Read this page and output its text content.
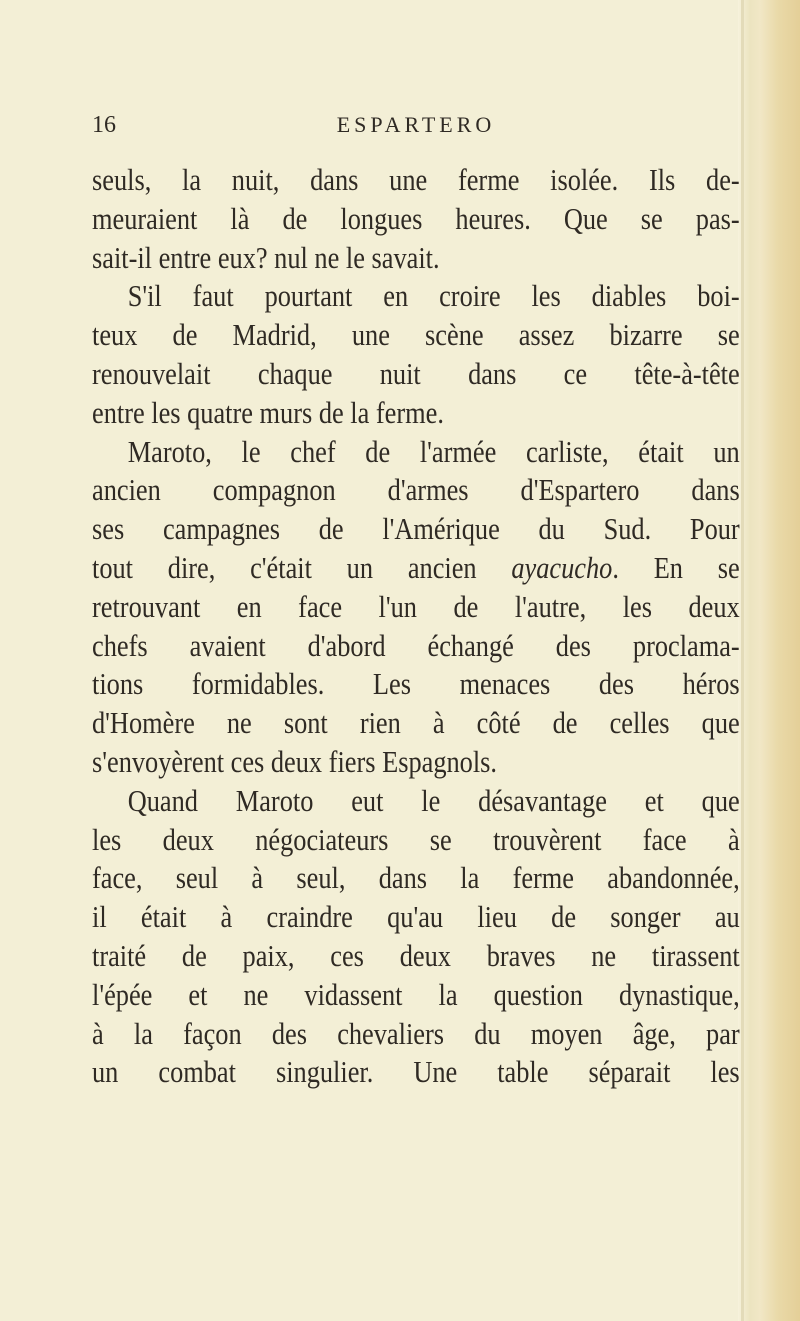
16	ESPARTERO
seuls, la nuit, dans une ferme isolée. Ils de-
meuraient là de longues heures. Que se pas-
sait-il entre eux? nul ne le savait.
S'il faut pourtant en croire les diables boi-
teux de Madrid, une scène assez bizarre se
renouvelait chaque nuit dans ce tête-à-tête
entre les quatre murs de la ferme.
Maroto, le chef de l'armée carliste, était un
ancien compagnon d'armes d'Espartero dans
ses campagnes de l'Amérique du Sud. Pour
tout dire, c'était un ancien ayacucho. En se
retrouvant en face l'un de l'autre, les deux
chefs avaient d'abord échangé des proclama-
tions formidables. Les menaces des héros
d'Homère ne sont rien à côté de celles que
s'envoyèrent ces deux fiers Espagnols.
Quand Maroto eut le désavantage et que
les deux négociateurs se trouvèrent face à
face, seul à seul, dans la ferme abandonnée,
il était à craindre qu'au lieu de songer au
traité de paix, ces deux braves ne tirassent
l'épée et ne vidassent la question dynastique,
à la façon des chevaliers du moyen âge, par
un combat singulier. Une table séparait les
